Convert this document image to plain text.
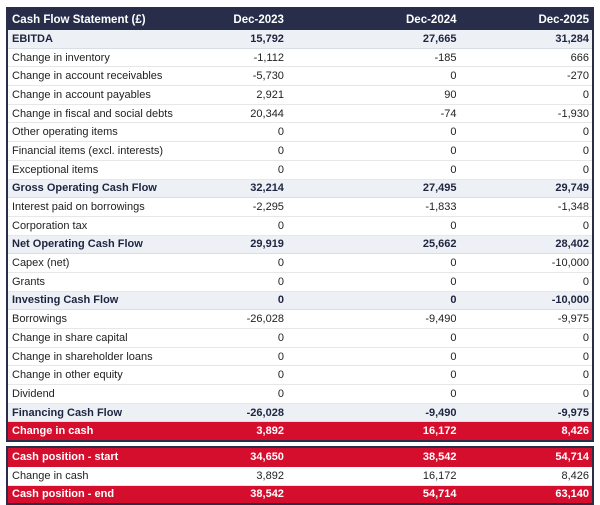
Cash Flow Statement (£)	Dec-2023	Dec-2024	Dec-2025
EBITDA	15,792	27,665	31,284
Change in inventory	-1,112	-185	666
Change in account receivables	-5,730	0	-270
Change in account payables	2,921	90	0
Change in fiscal and social debts	20,344	-74	-1,930
Other operating items	0	0	0
Financial items (excl. interests)	0	0	0
Exceptional items	0	0	0
Gross Operating Cash Flow	32,214	27,495	29,749
Interest paid on borrowings	-2,295	-1,833	-1,348
Corporation tax	0	0	0
Net Operating Cash Flow	29,919	25,662	28,402
Capex (net)	0	0	-10,000
Grants	0	0	0
Investing Cash Flow	0	0	-10,000
Borrowings	-26,028	-9,490	-9,975
Change in share capital	0	0	0
Change in shareholder loans	0	0	0
Change in other equity	0	0	0
Dividend	0	0	0
Financing Cash Flow	-26,028	-9,490	-9,975
Change in cash	3,892	16,172	8,426
Cash position - start	34,650	38,542	54,714
Change in cash	3,892	16,172	8,426
Cash position - end	38,542	54,714	63,140
